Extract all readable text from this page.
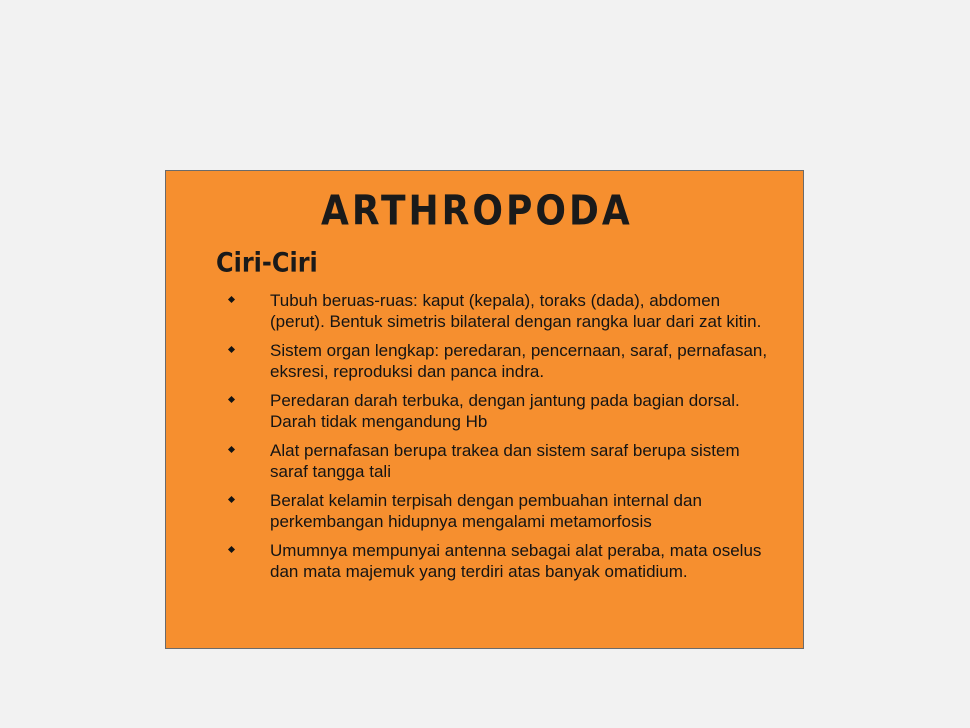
ARTHROPODA
Ciri-Ciri
Tubuh beruas-ruas: kaput (kepala), toraks (dada), abdomen (perut). Bentuk simetris bilateral dengan rangka luar dari zat kitin.
Sistem organ lengkap: peredaran, pencernaan, saraf, pernafasan, eksresi, reproduksi dan panca indra.
Peredaran darah terbuka, dengan jantung pada bagian dorsal. Darah tidak mengandung Hb
Alat pernafasan berupa trakea dan sistem saraf berupa sistem saraf tangga tali
Beralat kelamin terpisah dengan pembuahan internal dan perkembangan hidupnya mengalami metamorfosis
Umumnya mempunyai antenna sebagai alat peraba, mata oselus dan mata majemuk yang terdiri atas banyak omatidium.
